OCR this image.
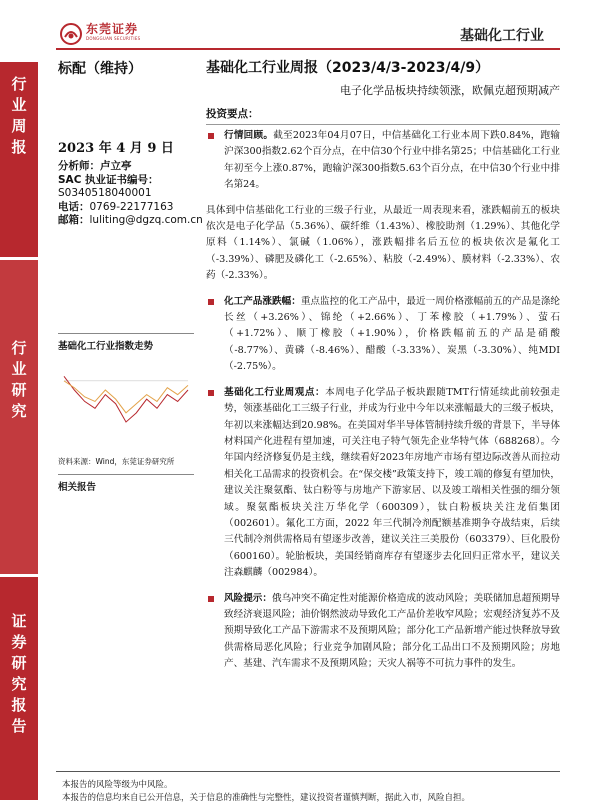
东莞证券
DONGGUAN SECURITIES	基础化工行业
行
业
周
报
行
业
研
究
证
券
研
究
报
告
标配（维持）
2023 年 4 月 9 日
分析师：卢立亭
SAC 执业证书编号：
S0340518040001
电话：0769-22177163
邮箱：luliting@dgzq.com.cn
基础化工行业指数走势
资料来源：Wind，东莞证券研究所
相关报告
基础化工行业周报（2023/4/3-2023/4/9）
电子化学品板块持续领涨，欧佩克超预期减产
投资要点：
行情回顾。截至2023年04月07日，中信基础化工行业本周下跌0.84%，跑输沪深300指数2.62个百分点，在中信30个行业中排名第25；中信基础化工行业年初至今上涨0.87%，跑输沪深300指数5.63个百分点，在中信30个行业中排名第24。
具体到中信基础化工行业的三级子行业，从最近一周表现来看，涨跌幅前五的板块依次是电子化学品（5.36%）、碳纤维（1.43%）、橡胶助剂（1.29%）、其他化学原料（1.14%）、氯碱（1.06%），涨跌幅排名后五位的板块依次是氟化工（-3.39%）、磷肥及磷化工（-2.65%）、粘胶（-2.49%）、膜材料（-2.33%）、农药（-2.33%）。
化工产品涨跌幅：重点监控的化工产品中，最近一周价格涨幅前五的产品是涤纶长丝（+3.26%）、锦纶（+2.66%）、丁苯橡胶（+1.79%）、萤石（+1.72%）、顺丁橡胶（+1.90%），价格跌幅前五的产品是硝酸（-8.77%）、黄磷（-8.46%）、醋酸（-3.33%）、炭黑（-3.30%）、纯MDI（-2.75%）。
基础化工行业周观点：本周电子化学品子板块跟随TMT行情延续此前较强走势，领涨基础化工三级子行业，并成为行业中今年以来涨幅最大的三级子板块，年初以来涨幅达到20.98%。在美国对华半导体管制持续升级的背景下，半导体材料国产化进程有望加速，可关注电子特气领先企业华特气体（688268）。今年国内经济修复仍是主线，继续看好2023年房地产市场有望边际改善从而拉动相关化工品需求的投资机会。在“保交楼”政策支持下，竣工端的修复有望加快，建议关注聚氨酯、钛白粉等与房地产下游家居、以及竣工端相关性强的细分领域。聚氨酯板块关注万华化学（600309），钛白粉板块关注龙佰集团（002601）。氟化工方面，2022 年三代制冷剂配额基准期争夺战结束，后续三代制冷剂供需格局有望逐步改善，建议关注三美股份（603379）、巨化股份（600160）。轮胎板块，美国经销商库存有望逐步去化回归正常水平，建议关注森麒麟（002984）。
风险提示：俄乌冲突不确定性对能源价格造成的波动风险；美联储加息超预期导致经济衰退风险；油价钢然波动导致化工产品价差收窄风险；宏观经济复苏不及预期导致化工产品下游需求不及预期风险；部分化工产品新增产能过快释放导致供需格局恶化风险；行业竞争加剧风险；部分化工品出口不及预期风险；房地产、基建、汽车需求不及预期风险；天灾人祸等不可抗力事件的发生。
本报告的风险等级为中风险。
本报告的信息均来自已公开信息，关于信息的准确性与完整性，建议投资者谨慎判断，据此入市，风险自担。
